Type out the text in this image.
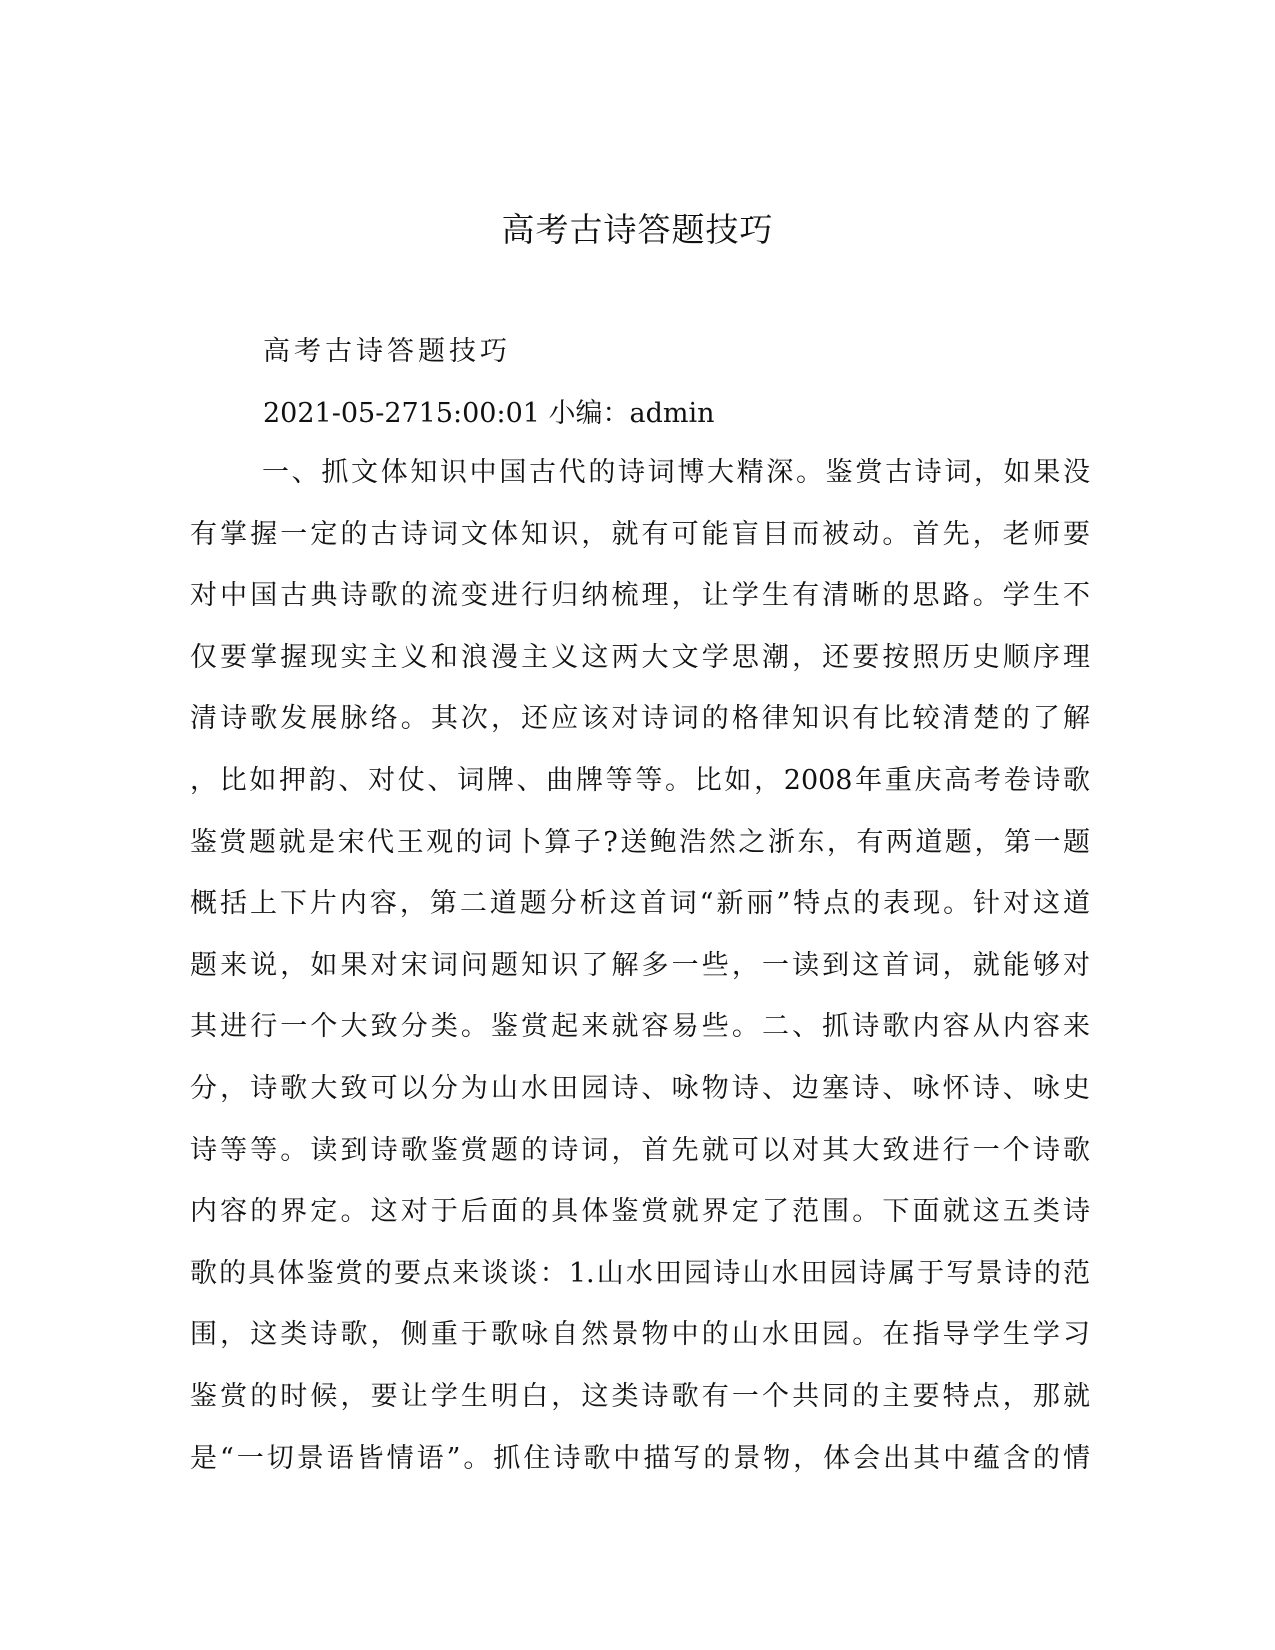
高考古诗答题技巧
高考古诗答题技巧

2021-05-2715:00:01 小编：admin

一、抓文体知识中国古代的诗词博大精深。鉴赏古诗词，如果没
有掌握一定的古诗词文体知识，就有可能盲目而被动。首先，老师要
对中国古典诗歌的流变进行归纳梳理，让学生有清晰的思路。学生不
仅要掌握现实主义和浪漫主义这两大文学思潮，还要按照历史顺序理
清诗歌发展脉络。其次，还应该对诗词的格律知识有比较清楚的了解
，比如押韵、对仗、词牌、曲牌等等。比如，2008年重庆高考卷诗歌
鉴赏题就是宋代王观的词卜算子?送鲍浩然之浙东，有两道题，第一题
概括上下片内容，第二道题分析这首词“新丽”特点的表现。针对这道
题来说，如果对宋词问题知识了解多一些，一读到这首词，就能够对
其进行一个大致分类。鉴赏起来就容易些。二、抓诗歌内容从内容来
分，诗歌大致可以分为山水田园诗、咏物诗、边塞诗、咏怀诗、咏史
诗等等。读到诗歌鉴赏题的诗词，首先就可以对其大致进行一个诗歌
内容的界定。这对于后面的具体鉴赏就界定了范围。下面就这五类诗
歌的具体鉴赏的要点来谈谈：1.山水田园诗山水田园诗属于写景诗的范
围，这类诗歌，侧重于歌咏自然景物中的山水田园。在指导学生学习
鉴赏的时候，要让学生明白，这类诗歌有一个共同的主要特点，那就
是“一切景语皆情语”。抓住诗歌中描写的景物，体会出其中蕴含的情
